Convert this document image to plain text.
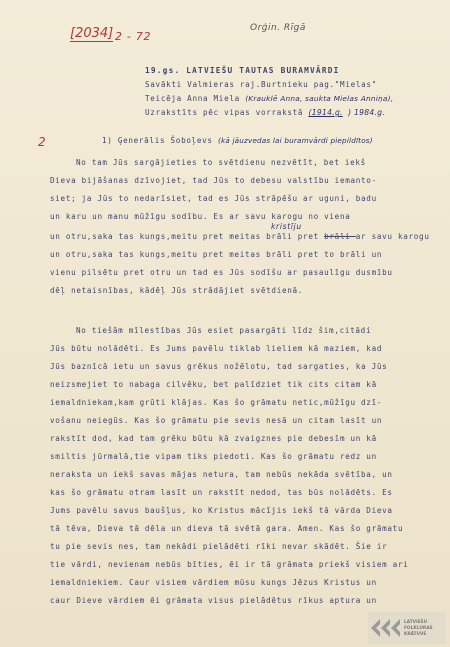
[2034] 2 - 72
Orģin. Rīgā
19.gs. LATVIEŠU TAUTAS BURAMVĀRDI
Savākti Valmieras raj.Burtnieku pag."Mielas"
Teicēja Anna Miela (Krauklē Anna, saukta Mielas Anniņa),
Uzrakstīts pēc vipas vorrakstā (1914.g. ) 1984.g.
2	1) Ģenerālis Šoboļevs (kā jāuzvedas lai buramvārdi piepildītos)
No tam Jūs sargājieties to svētdienu nezvētīt, bet iekš
Dieva bijāšanas dzīvojiet, tad Jūs to debesu valstību iemanto-
siet; ja Jūs to nedarīsiet, tad es Jūs strāpēšu ar uguni, badu
un karu un manu mūžīgu sodību. Es ar savu karogu no viena
un otru,saka tas kungs,meitu pret meitas brāli pret brāli ar savu karogu
kristīju
un otru,saka tas kungs,meitu pret meitas brāli pret to brāli un
vienu pilsētu pret otru un tad es Jūs sodīšu ar pasaulīgu dusmību
dēļ netaisnības, kādēļ Jūs strādājiet svētdienā.
No tiešām mīlestības Jūs esiet pasargāti līdz šim,citādi
Jūs būtu nolādēti. Es Jums pavēlu tiklab lieliem kā maziem, kad
Jūs baznīcā ietu un savus grēkus nožēlotu, tad sargaties, ka Jūs
neizsmejiet to nabaga cilvēku, bet palīdziet tik cits citam kā
iemaldniekam,kam grūti klājas. Kas šo grāmatu netic,mūžīgu dzī-
vošanu neiegūs. Kas šo grāmatu pie sevis nesā un citam lasīt un
rakstīt dod, kad tam grēku būtu kā zvaigznes pie debesīm un kā
smiltis jūrmalā,tie vipam tiks piedoti. Kas šo grāmatu redz un
neraksta un iekš savas mājas netura, tam nebūs nekāda svētība, un
kas šo grāmatu otram lasīt un rakstīt nedod, tas būs nolādēts. Es
Jums pavēlu savus baušļus, ko Kristus mācījis iekš tā vārda Dieva
tā tēva, Dieva tā dēla un dieva tā svētā gara. Amen. Kas šo grāmatu
tu pie sevis nes, tam nekādi pielādēti rīki nevar skādēt. Šie ir
tie vārdi, nevienam nebūs bīties, ēi ir tā grāmata priekš visiem ari
iemaldniekiem. Caur visiem vārdiem mūsu kungs Jēzus Kristus un
caur Dieve vārdiem ēi grāmata visus pielādētus rīkus aptura un
LATVIEŠU
FOLKLORAS
KRĀTUVE
